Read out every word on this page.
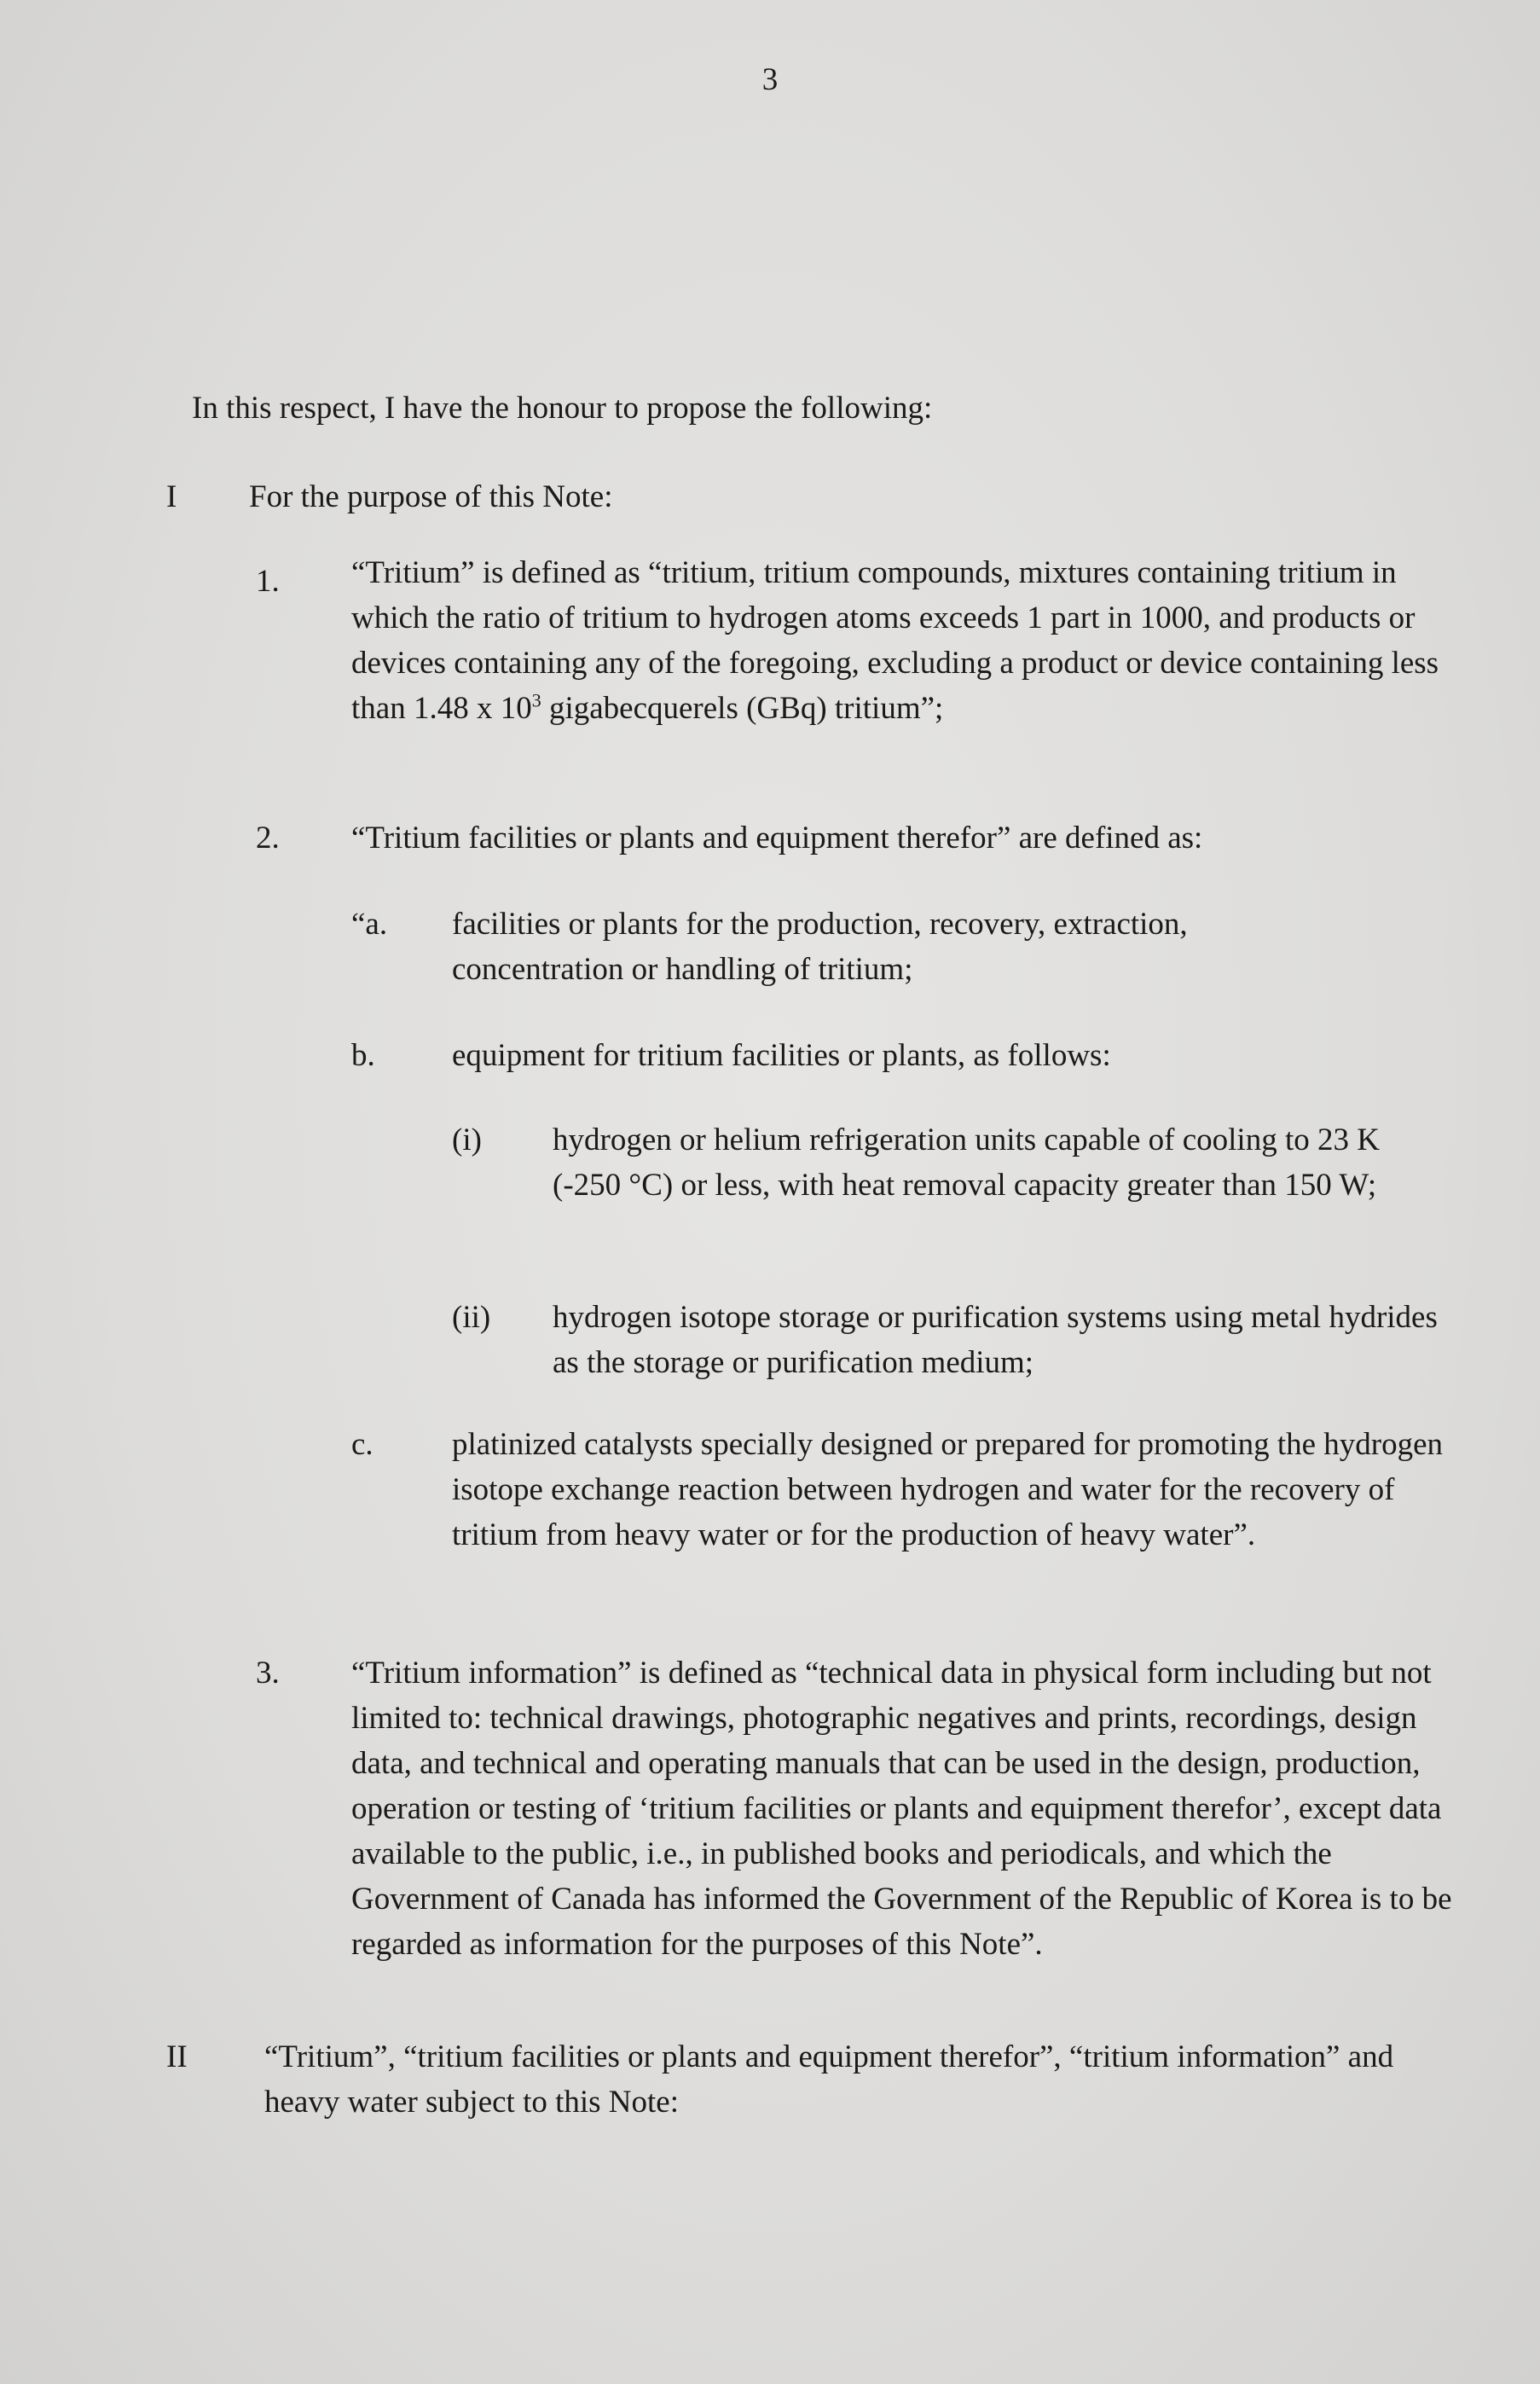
3
In this respect, I have the honour to propose the following:
I For the purpose of this Note:
1. “Tritium” is defined as “tritium, tritium compounds, mixtures containing tritium in which the ratio of tritium to hydrogen atoms exceeds 1 part in 1000, and products or devices containing any of the foregoing, excluding a product or device containing less than 1.48 x $10^3$ gigabecquerels (GBq) tritium”;
2. “Tritium facilities or plants and equipment therefor” are defined as:
“a. facilities or plants for the production, recovery, extraction, concentration or handling of tritium;
b. equipment for tritium facilities or plants, as follows:
(i) hydrogen or helium refrigeration units capable of cooling to 23 K (-250 °C) or less, with heat removal capacity greater than 150 W;
(ii) hydrogen isotope storage or purification systems using metal hydrides as the storage or purification medium;
c. platinized catalysts specially designed or prepared for promoting the hydrogen isotope exchange reaction between hydrogen and water for the recovery of tritium from heavy water or for the production of heavy water”.
3. “Tritium information” is defined as “technical data in physical form including but not limited to: technical drawings, photographic negatives and prints, recordings, design data, and technical and operating manuals that can be used in the design, production, operation or testing of ‘tritium facilities or plants and equipment therefor’, except data available to the public, i.e., in published books and periodicals, and which the Government of Canada has informed the Government of the Republic of Korea is to be regarded as information for the purposes of this Note”.
II “Tritium”, “tritium facilities or plants and equipment therefor”, “tritium information” and heavy water subject to this Note:
